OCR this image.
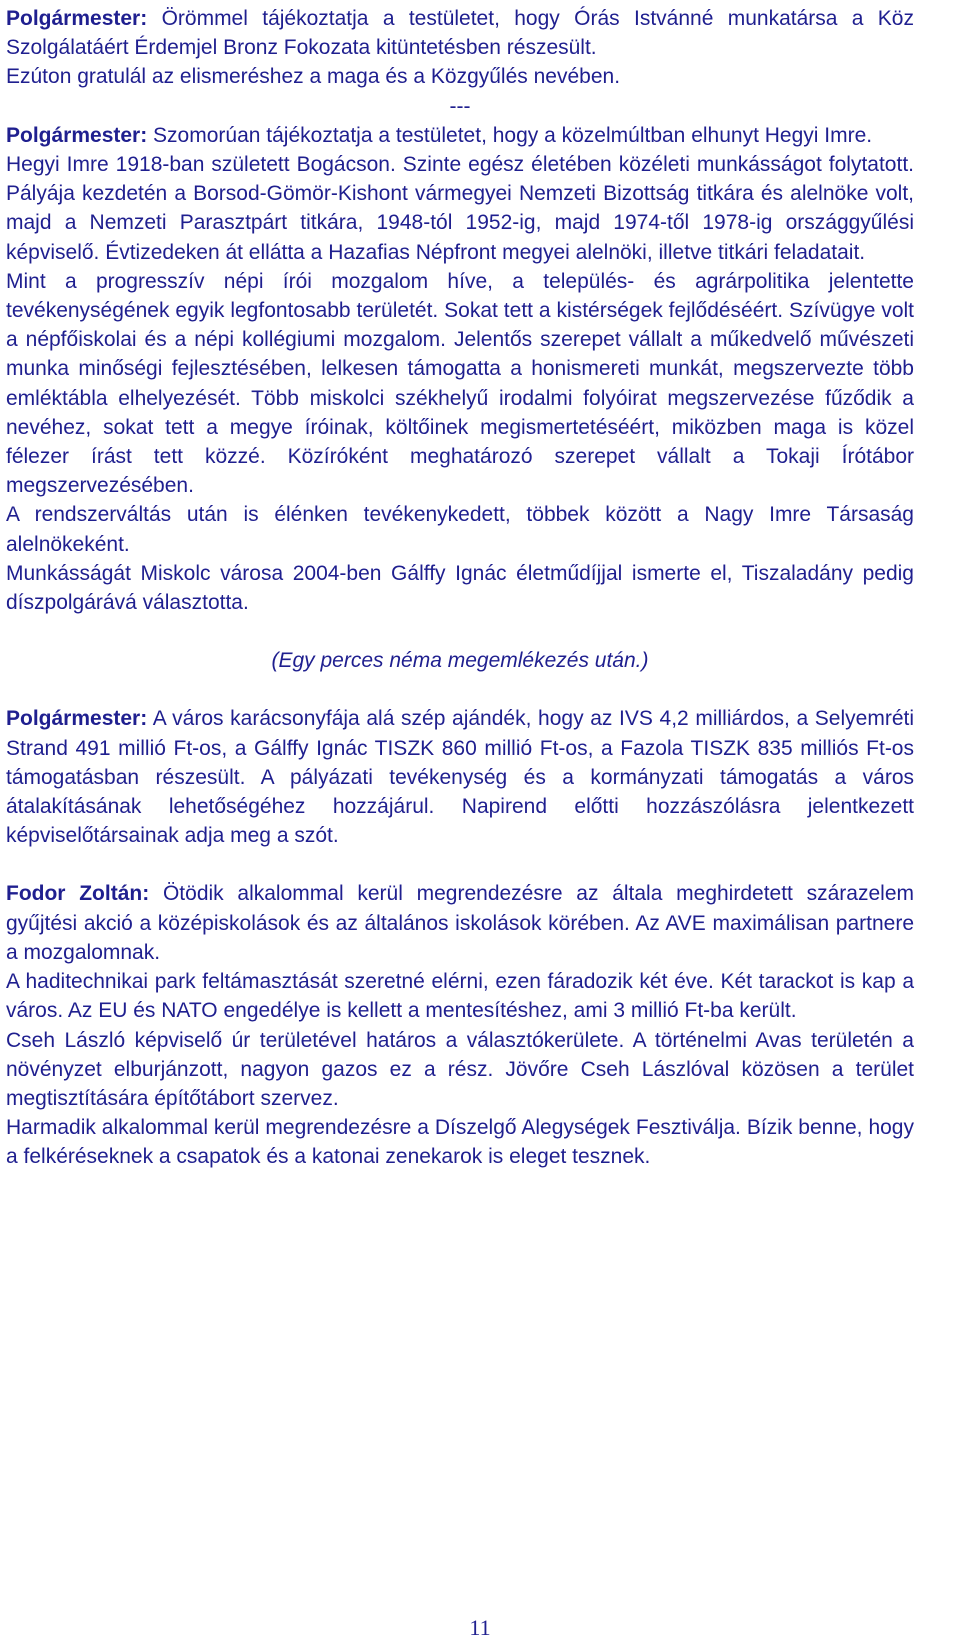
Polgármester: Örömmel tájékoztatja a testületet, hogy Órás Istvánné munkatársa a Köz Szolgálatáért Érdemjel Bronz Fokozata kitüntetésben részesült.

Ezúton gratulál az elismeréshez a maga és a Közgyűlés nevében.

---

Polgármester: Szomorúan tájékoztatja a testületet, hogy a közelmúltban elhunyt Hegyi Imre.

Hegyi Imre 1918-ban született Bogácson. Szinte egész életében közéleti munkásságot folytatott. Pályája kezdetén a Borsod-Gömör-Kishont vármegyei Nemzeti Bizottság titkára és alelnöke volt, majd a Nemzeti Parasztpárt titkára, 1948-tól 1952-ig, majd 1974-től 1978-ig országgyűlési képviselő. Évtizedeken át ellátta a Hazafias Népfront megyei alelnöki, illetve titkári feladatait.

Mint a progresszív népi írói mozgalom híve, a település- és agrárpolitika jelentette tevékenységének egyik legfontosabb területét. Sokat tett a kistérségek fejlődéséért. Szívügye volt a népfőiskolai és a népi kollégiumi mozgalom. Jelentős szerepet vállalt a műkedvelő művészeti munka minőségi fejlesztésében, lelkesen támogatta a honismereti munkát, megszervezte több emléktábla elhelyezését. Több miskolci székhelyű irodalmi folyóirat megszervezése fűződik a nevéhez, sokat tett a megye íróinak, költőinek megismertetéséért, miközben maga is közel félezer írást tett közzé. Közíróként meghatározó szerepet vállalt a Tokaji Írótábor megszervezésében.

A rendszerváltás után is élénken tevékenykedett, többek között a Nagy Imre Társaság alelnökeként.

Munkásságát Miskolc városa 2004-ben Gálffy Ignác életműdíjjal ismerte el, Tiszaladány pedig díszpolgárává választotta.

(Egy perces néma megemlékezés után.)

Polgármester: A város karácsonyfája alá szép ajándék, hogy az IVS 4,2 milliárdos, a Selyemréti Strand 491 millió Ft-os, a Gálffy Ignác TISZK 860 millió Ft-os, a Fazola TISZK 835 milliós Ft-os támogatásban részesült. A pályázati tevékenység és a kormányzati támogatás a város átalakításának lehetőségéhez hozzájárul. Napirend előtti hozzászólásra jelentkezett képviselőtársainak adja meg a szót.

Fodor Zoltán: Ötödik alkalommal kerül megrendezésre az általa meghirdetett szárazelem gyűjtési akció a középiskolások és az általános iskolások körében. Az AVE maximálisan partnere a mozgalomnak.

A haditechnikai park feltámasztását szeretné elérni, ezen fáradozik két éve. Két tarackot is kap a város. Az EU és NATO engedélye is kellett a mentesítéshez, ami 3 millió Ft-ba került.

Cseh László képviselő úr területével határos a választókerülete. A történelmi Avas területén a növényzet elburjánzott, nagyon gazos ez a rész. Jövőre Cseh Lászlóval közösen a terület megtisztítására építőtábort szervez.

Harmadik alkalommal kerül megrendezésre a Díszelgő Alegységek Fesztiválja. Bízik benne, hogy a felkéréseknek a csapatok és a katonai zenekarok is eleget tesznek.

11
